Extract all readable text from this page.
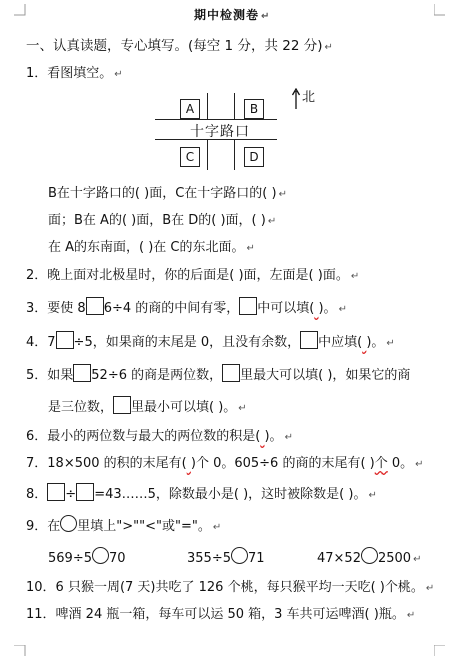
期中检测卷 ↵
一、认真读题，专心填写。(每空 1 分，共 22 分) ↵
1．看图填空。 ↵
A	B
C	D
十字路口
北
B在十字路口的( )面，C在十字路口的( ) ↵
面；B在 A的( )面，B在 D的( )面，( ) ↵
在 A的东南面，( )在 C的东北面。 ↵
2．晚上面对北极星时，你的后面是( )面，左面是( )面。 ↵
3．要使 8 6÷4 的商的中间有零， 中可以填( )。 ↵
4．7 ÷5，如果商的末尾是 0，且没有余数， 中应填( )。 ↵
5．如果 52÷6 的商是两位数， 里最大可以填( )，如果它的商
是三位数， 里最小可以填( )。 ↵
6．最小的两位数与最大的两位数的积是( )。 ↵
7．18×500 的积的末尾有( )个 0。605÷6 的商的末尾有( )个 0。 ↵
8． ÷ =43……5，除数最小是( )，这时被除数是( )。 ↵
9．在 里填上">""<"或"="。 ↵
569÷5 70	355÷5 71	47×52 2500 ↵
10．6 只猴一周(7 天)共吃了 126 个桃，每只猴平均一天吃( )个桃。 ↵
11．啤酒 24 瓶一箱，每车可以运 50 箱，3 车共可运啤酒( )瓶。 ↵
